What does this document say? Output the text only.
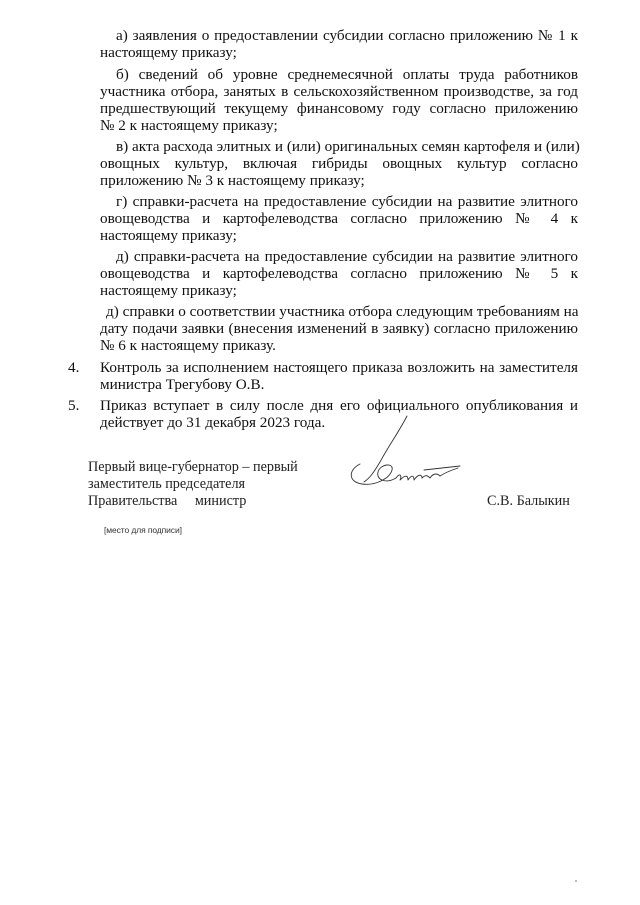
а) заявления о предоставлении субсидии согласно приложению № 1 к
настоящему приказу;
б) сведений об уровне среднемесячной оплаты труда работников
участника отбора, занятых в сельскохозяйственном производстве, за год
предшествующий текущему финансовому году согласно приложению
№ 2 к настоящему приказу;
в) акта расхода элитных и (или) оригинальных семян картофеля и (или)
овощных культур, включая гибриды овощных культур согласно
приложению № 3 к настоящему приказу;
г) справки-расчета на предоставление субсидии на развитие элитного
овощеводства и картофелеводства согласно приложению № 4 к
настоящему приказу;
д) справки-расчета на предоставление субсидии на развитие элитного
овощеводства и картофелеводства согласно приложению № 5 к
настоящему приказу;
д) справки о соответствии участника отбора следующим требованиям на
дату подачи заявки (внесения изменений в заявку) согласно приложению
№ 6 к настоящему приказу.
4. Контроль за исполнением настоящего приказа возложить на заместителя
министра Трегубову О.В.
5. Приказ вступает в силу после дня его официального опубликования и
действует до 31 декабря 2023 года.
Первый вице-губернатор – первый
заместитель председателя
Правительства министр	С.В. Балыкин
[место для подписи]
